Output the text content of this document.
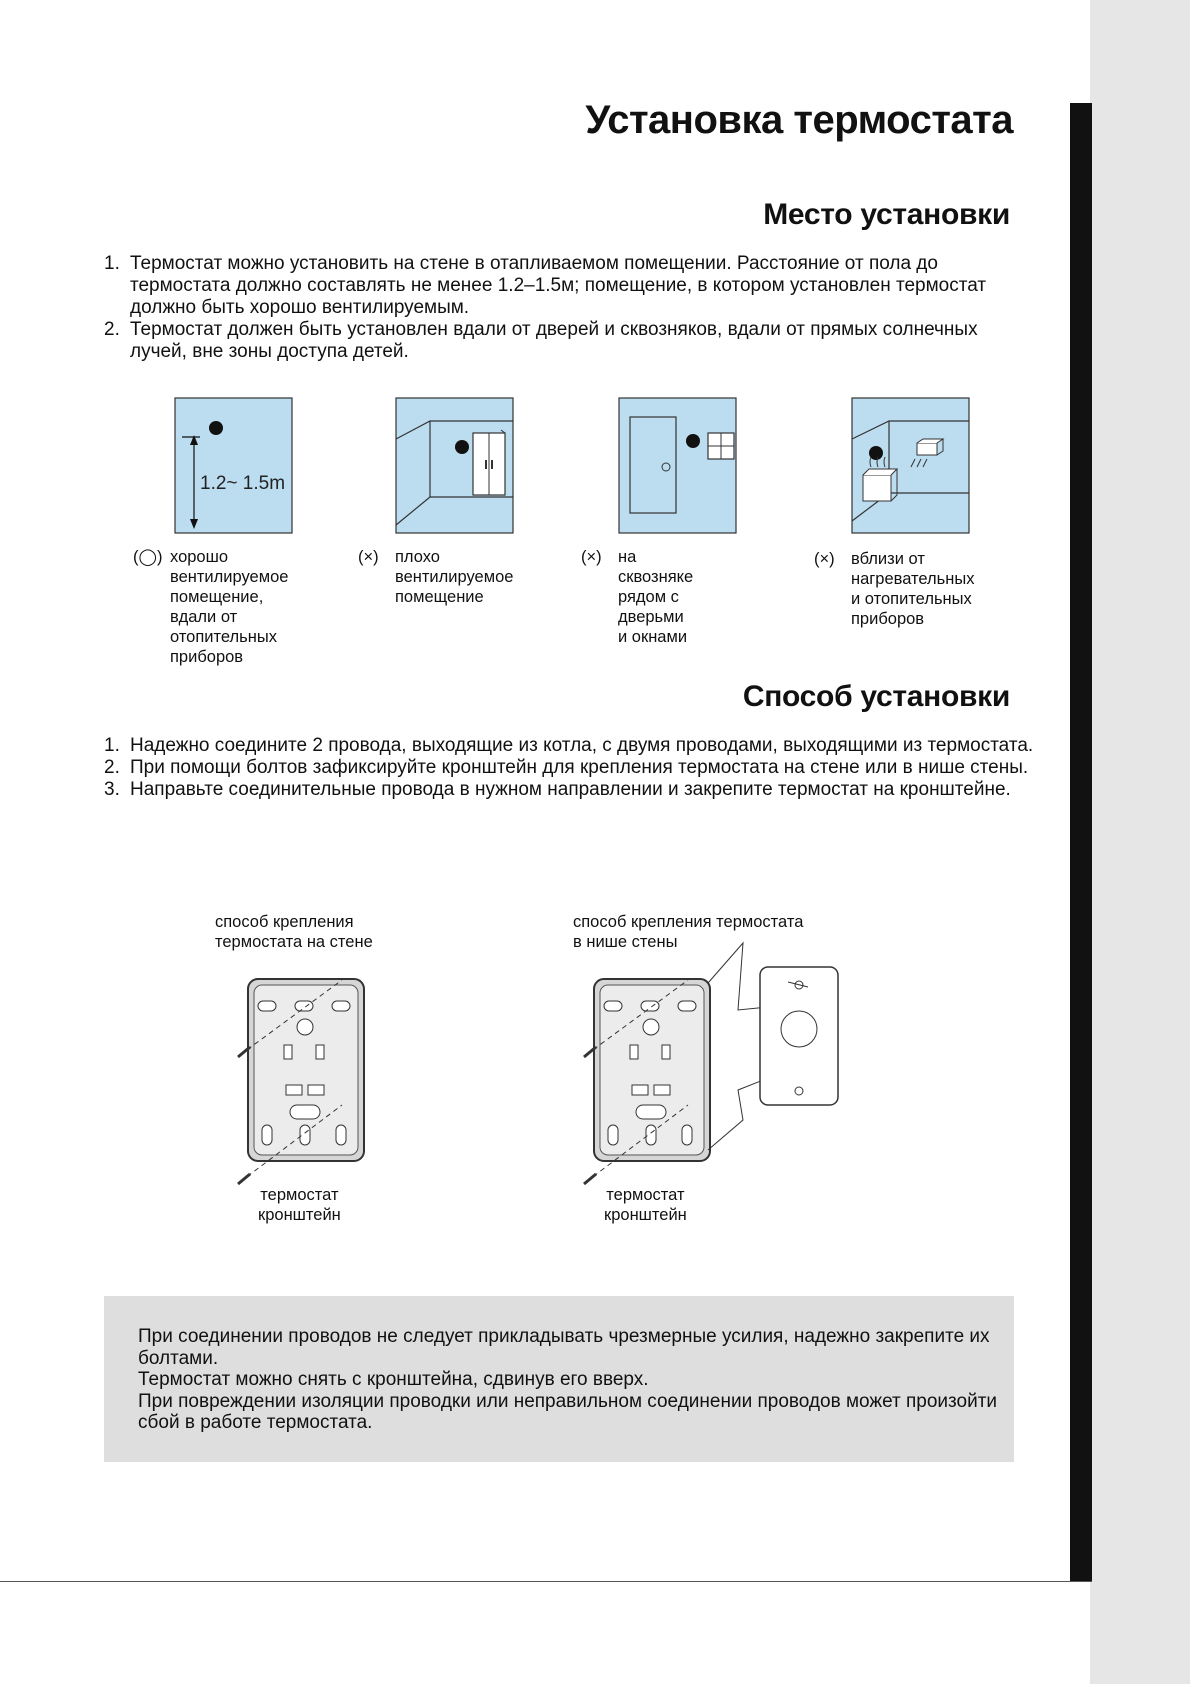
Установка термостата
Место установки
1. Термостат можно установить на стене в отапливаемом помещении. Расстояние от пола до термостата должно составлять не менее 1.2–1.5м; помещение, в котором установлен термостат должно быть хорошо вентилируемым.
2. Термостат должен быть установлен вдали от дверей и сквозняков, вдали от прямых солнечных лучей, вне зоны доступа детей.
1.2~ 1.5m
(◯) хорошо
вентилируемое
помещение,
вдали от
отопительных
приборов
(×) плохо
вентилируемое
помещение
(×) на сквозняке
рядом с дверьми
и окнами
(×) вблизи от
нагревательных
и отопительных
приборов
Способ установки
1. Надежно соедините 2 провода, выходящие из котла, с двумя проводами, выходящими из термостата.
2. При помощи болтов зафиксируйте кронштейн для крепления термостата на стене или в нише стены.
3. Направьте соединительные провода в нужном направлении и закрепите термостат на кронштейне.
способ крепления
термостата на стене
способ крепления термостата
в нише стены
термостат
кронштейн
термостат
кронштейн

При соединении проводов не следует прикладывать чрезмерные усилия, надежно закрепите их болтами.
Термостат можно снять с кронштейна, сдвинув его вверх.
При повреждении изоляции проводки или неправильном соединении проводов может произойти сбой в работе термостата.
